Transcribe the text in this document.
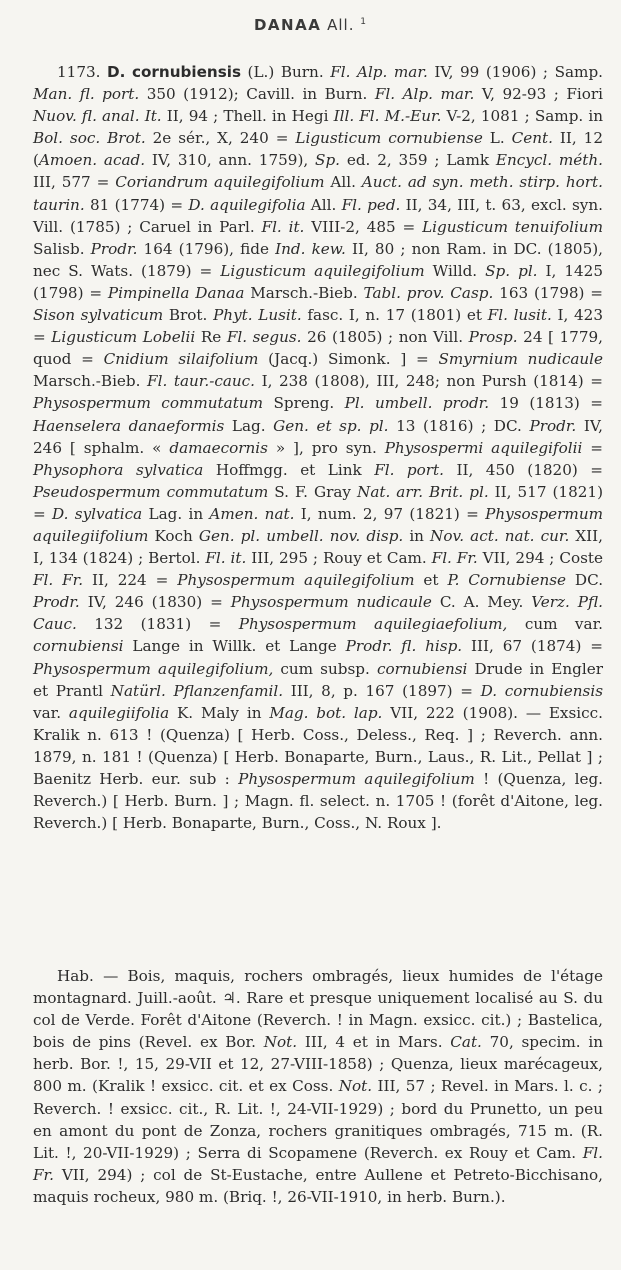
DANAA All. $^1$

1173. D. cornubiensis (L.) Burn. Fl. Alp. mar. IV, 99 (1906) ; Samp. Man. fl. port. 350 (1912); Cavill. in Burn. Fl. Alp. mar. V, 92-93 ; Fiori Nuov. fl. anal. It. II, 94 ; Thell. in Hegi Ill. Fl. M.-Eur. V-2, 1081 ; Samp. in Bol. soc. Brot. 2e sér., X, 240 = Ligusticum cornubiense L. Cent. II, 12 (Amoen. acad. IV, 310, ann. 1759), Sp. ed. 2, 359 ; Lamk Encycl. méth. III, 577 = Coriandrum aquilegifolium All. Auct. ad syn. meth. stirp. hort. taurin. 81 (1774) = D. aquilegifolia All. Fl. ped. II, 34, III, t. 63, excl. syn. Vill. (1785) ; Caruel in Parl. Fl. it. VIII-2, 485 = Ligusticum tenuifolium Salisb. Prodr. 164 (1796), fide Ind. kew. II, 80 ; non Ram. in DC. (1805), nec S. Wats. (1879) = Ligusticum aquilegifolium Willd. Sp. pl. I, 1425 (1798) = Pimpinella Danaa Marsch.-Bieb. Tabl. prov. Casp. 163 (1798) = Sison sylvaticum Brot. Phyt. Lusit. fasc. I, n. 17 (1801) et Fl. lusit. I, 423 = Ligusticum Lobelii Re Fl. segus. 26 (1805) ; non Vill. Prosp. 24 [ 1779, quod = Cnidium silaifolium (Jacq.) Simonk. ] = Smyrnium nudicaule Marsch.-Bieb. Fl. taur.-cauc. I, 238 (1808), III, 248; non Pursh (1814) = Physospermum commutatum Spreng. Pl. umbell. prodr. 19 (1813) = Haenselera danaeformis Lag. Gen. et sp. pl. 13 (1816) ; DC. Prodr. IV, 246 [ sphalm. « damaecornis » ], pro syn. Physospermi aquilegifolii = Physophora sylvatica Hoffmgg. et Link Fl. port. II, 450 (1820) = Pseudospermum commutatum S. F. Gray Nat. arr. Brit. pl. II, 517 (1821) = D. sylvatica Lag. in Amen. nat. I, num. 2, 97 (1821) = Physospermum aquilegiifolium Koch Gen. pl. umbell. nov. disp. in Nov. act. nat. cur. XII, I, 134 (1824) ; Bertol. Fl. it. III, 295 ; Rouy et Cam. Fl. Fr. VII, 294 ; Coste Fl. Fr. II, 224 = Physospermum aquilegifolium et P. Cornubiense DC. Prodr. IV, 246 (1830) = Physospermum nudicaule C. A. Mey. Verz. Pfl. Cauc. 132 (1831) = Physospermum aquilegiaefolium, cum var. cornubiensi Lange in Willk. et Lange Prodr. fl. hisp. III, 67 (1874) = Physospermum aquilegifolium, cum subsp. cornubiensi Drude in Engler et Prantl Natürl. Pflanzenfamil. III, 8, p. 167 (1897) = D. cornubiensis var. aquilegiifolia K. Maly in Mag. bot. lap. VII, 222 (1908). — Exsicc. Kralik n. 613 ! (Quenza) [ Herb. Coss., Deless., Req. ] ; Reverch. ann. 1879, n. 181 ! (Quenza) [ Herb. Bonaparte, Burn., Laus., R. Lit., Pellat ] ; Baenitz Herb. eur. sub : Physospermum aquilegifolium ! (Quenza, leg. Reverch.) [ Herb. Burn. ] ; Magn. fl. select. n. 1705 ! (forêt d'Aitone, leg. Reverch.) [ Herb. Bonaparte, Burn., Coss., N. Roux ].

Hab. — Bois, maquis, rochers ombragés, lieux humides de l'étage montagnard. Juill.-août. ♃. Rare et presque uniquement localisé au S. du col de Verde. Forêt d'Aitone (Reverch. ! in Magn. exsicc. cit.) ; Bastelica, bois de pins (Revel. ex Bor. Not. III, 4 et in Mars. Cat. 70, specim. in herb. Bor. !, 15, 29-VII et 12, 27-VIII-1858) ; Quenza, lieux marécageux, 800 m. (Kralik ! exsicc. cit. et ex Coss. Not. III, 57 ; Revel. in Mars. l. c. ; Reverch. ! exsicc. cit., R. Lit. !, 24-VII-1929) ; bord du Prunetto, un peu en amont du pont de Zonza, rochers granitiques ombragés, 715 m. (R. Lit. !, 20-VII-1929) ; Serra di Scopamene (Reverch. ex Rouy et Cam. Fl. Fr. VII, 294) ; col de St-Eustache, entre Aullene et Petreto-Bicchisano, maquis rocheux, 980 m. (Briq. !, 26-VII-1910, in herb. Burn.).
